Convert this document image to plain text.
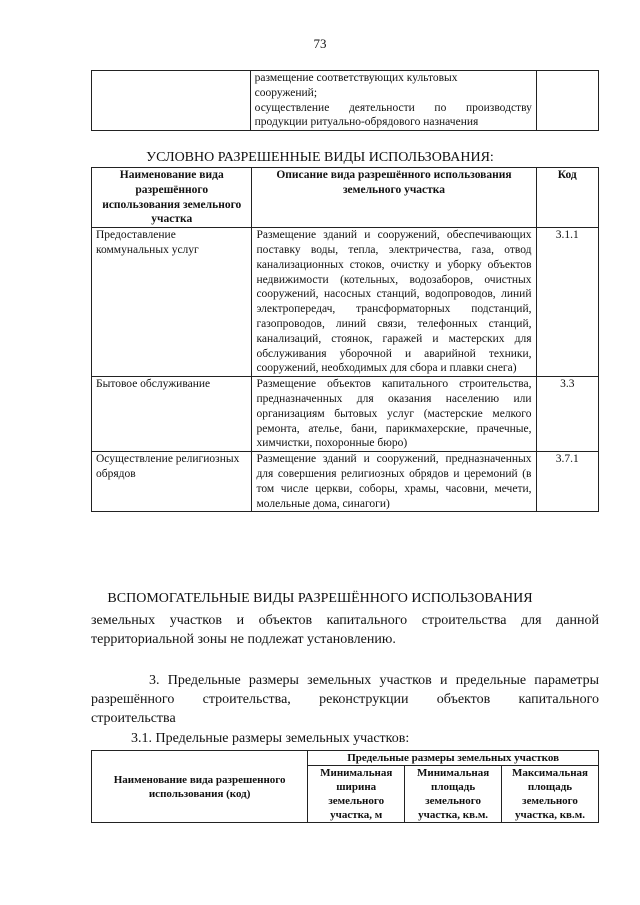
73

размещение соответствующих культовых
сооружений;
осуществление деятельности по производству
продукции ритуально-обрядового назначения

УСЛОВНО РАЗРЕШЕННЫЕ ВИДЫ ИСПОЛЬЗОВАНИЯ:
Наименование вида разрешённого использования земельного участка	Описание вида разрешённого использования земельного участка	Код
Предоставление коммунальных услуг	Размещение зданий и сооружений, обеспечивающих поставку воды, тепла, электричества, газа, отвод канализационных стоков, очистку и уборку объектов недвижимости (котельных, водозаборов, очистных сооружений, насосных станций, водопроводов, линий электропередач, трансформаторных подстанций, газопроводов, линий связи, телефонных станций, канализаций, стоянок, гаражей и мастерских для обслуживания уборочной и аварийной техники, сооружений, необходимых для сбора и плавки снега)	3.1.1
Бытовое обслуживание	Размещение объектов капитального строительства, предназначенных для оказания населению или организациям бытовых услуг (мастерские мелкого ремонта, ателье, бани, парикмахерские, прачечные, химчистки, похоронные бюро)	3.3
Осуществление религиозных обрядов	Размещение зданий и сооружений, предназначенных для совершения религиозных обрядов и церемоний (в том числе церкви, соборы, храмы, часовни, мечети, молельные дома, синагоги)	3.7.1
ВСПОМОГАТЕЛЬНЫЕ ВИДЫ РАЗРЕШЁННОГО ИСПОЛЬЗОВАНИЯ
земельных участков и объектов капитального строительства для данной
территориальной зоны не подлежат установлению.
3. Предельные размеры земельных участков и предельные параметры
разрешённого строительства, реконструкции объектов капитального
строительства
3.1. Предельные размеры земельных участков:
Наименование вида разрешенного использования (код)	Предельные размеры земельных участков		
	Минимальная ширина земельного участка, м	Минимальная площадь земельного участка, кв.м.	Максимальная площадь земельного участка, кв.м.
